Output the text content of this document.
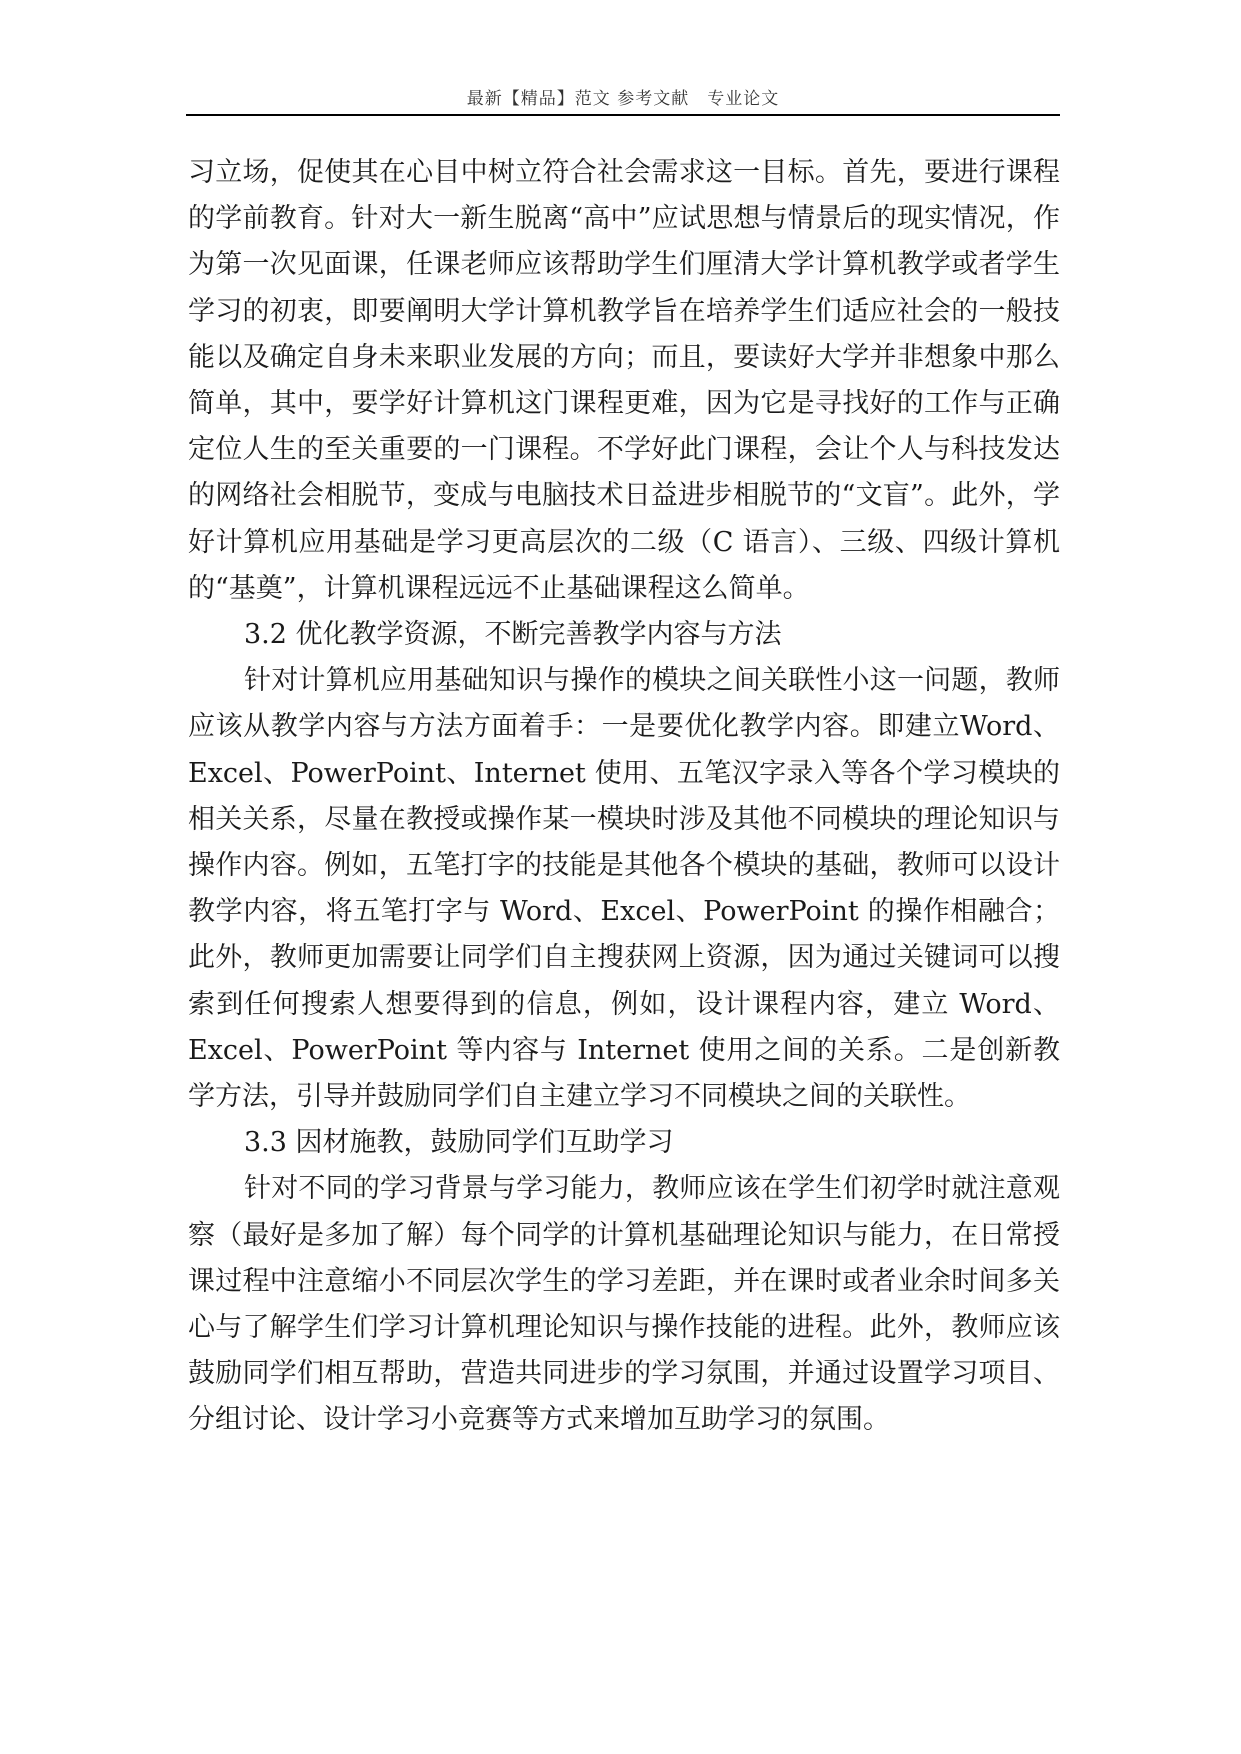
最新【精品】范文 参考文献　专业论文

习立场，促使其在心目中树立符合社会需求这一目标。首先，要进行课程的学前教育。针对大一新生脱离“高中”应试思想与情景后的现实情况，作为第一次见面课，任课老师应该帮助学生们厘清大学计算机教学或者学生学习的初衷，即要阐明大学计算机教学旨在培养学生们适应社会的一般技能以及确定自身未来职业发展的方向；而且，要读好大学并非想象中那么简单，其中，要学好计算机这门课程更难，因为它是寻找好的工作与正确定位人生的至关重要的一门课程。不学好此门课程，会让个人与科技发达的网络社会相脱节，变成与电脑技术日益进步相脱节的“文盲”。此外，学好计算机应用基础是学习更高层次的二级（C 语言）、三级、四级计算机的“基奠”，计算机课程远远不止基础课程这么简单。

3.2 优化教学资源，不断完善教学内容与方法

针对计算机应用基础知识与操作的模块之间关联性小这一问题，教师应该从教学内容与方法方面着手：一是要优化教学内容。即建立Word、Excel、PowerPoint、Internet 使用、五笔汉字录入等各个学习模块的相关关系，尽量在教授或操作某一模块时涉及其他不同模块的理论知识与操作内容。例如，五笔打字的技能是其他各个模块的基础，教师可以设计教学内容，将五笔打字与 Word、Excel、PowerPoint 的操作相融合；此外，教师更加需要让同学们自主搜获网上资源，因为通过关键词可以搜索到任何搜索人想要得到的信息，例如，设计课程内容，建立 Word、Excel、PowerPoint 等内容与 Internet 使用之间的关系。二是创新教学方法，引导并鼓励同学们自主建立学习不同模块之间的关联性。

3.3 因材施教，鼓励同学们互助学习

针对不同的学习背景与学习能力，教师应该在学生们初学时就注意观察（最好是多加了解）每个同学的计算机基础理论知识与能力，在日常授课过程中注意缩小不同层次学生的学习差距，并在课时或者业余时间多关心与了解学生们学习计算机理论知识与操作技能的进程。此外，教师应该鼓励同学们相互帮助，营造共同进步的学习氛围，并通过设置学习项目、分组讨论、设计学习小竞赛等方式来增加互助学习的氛围。
